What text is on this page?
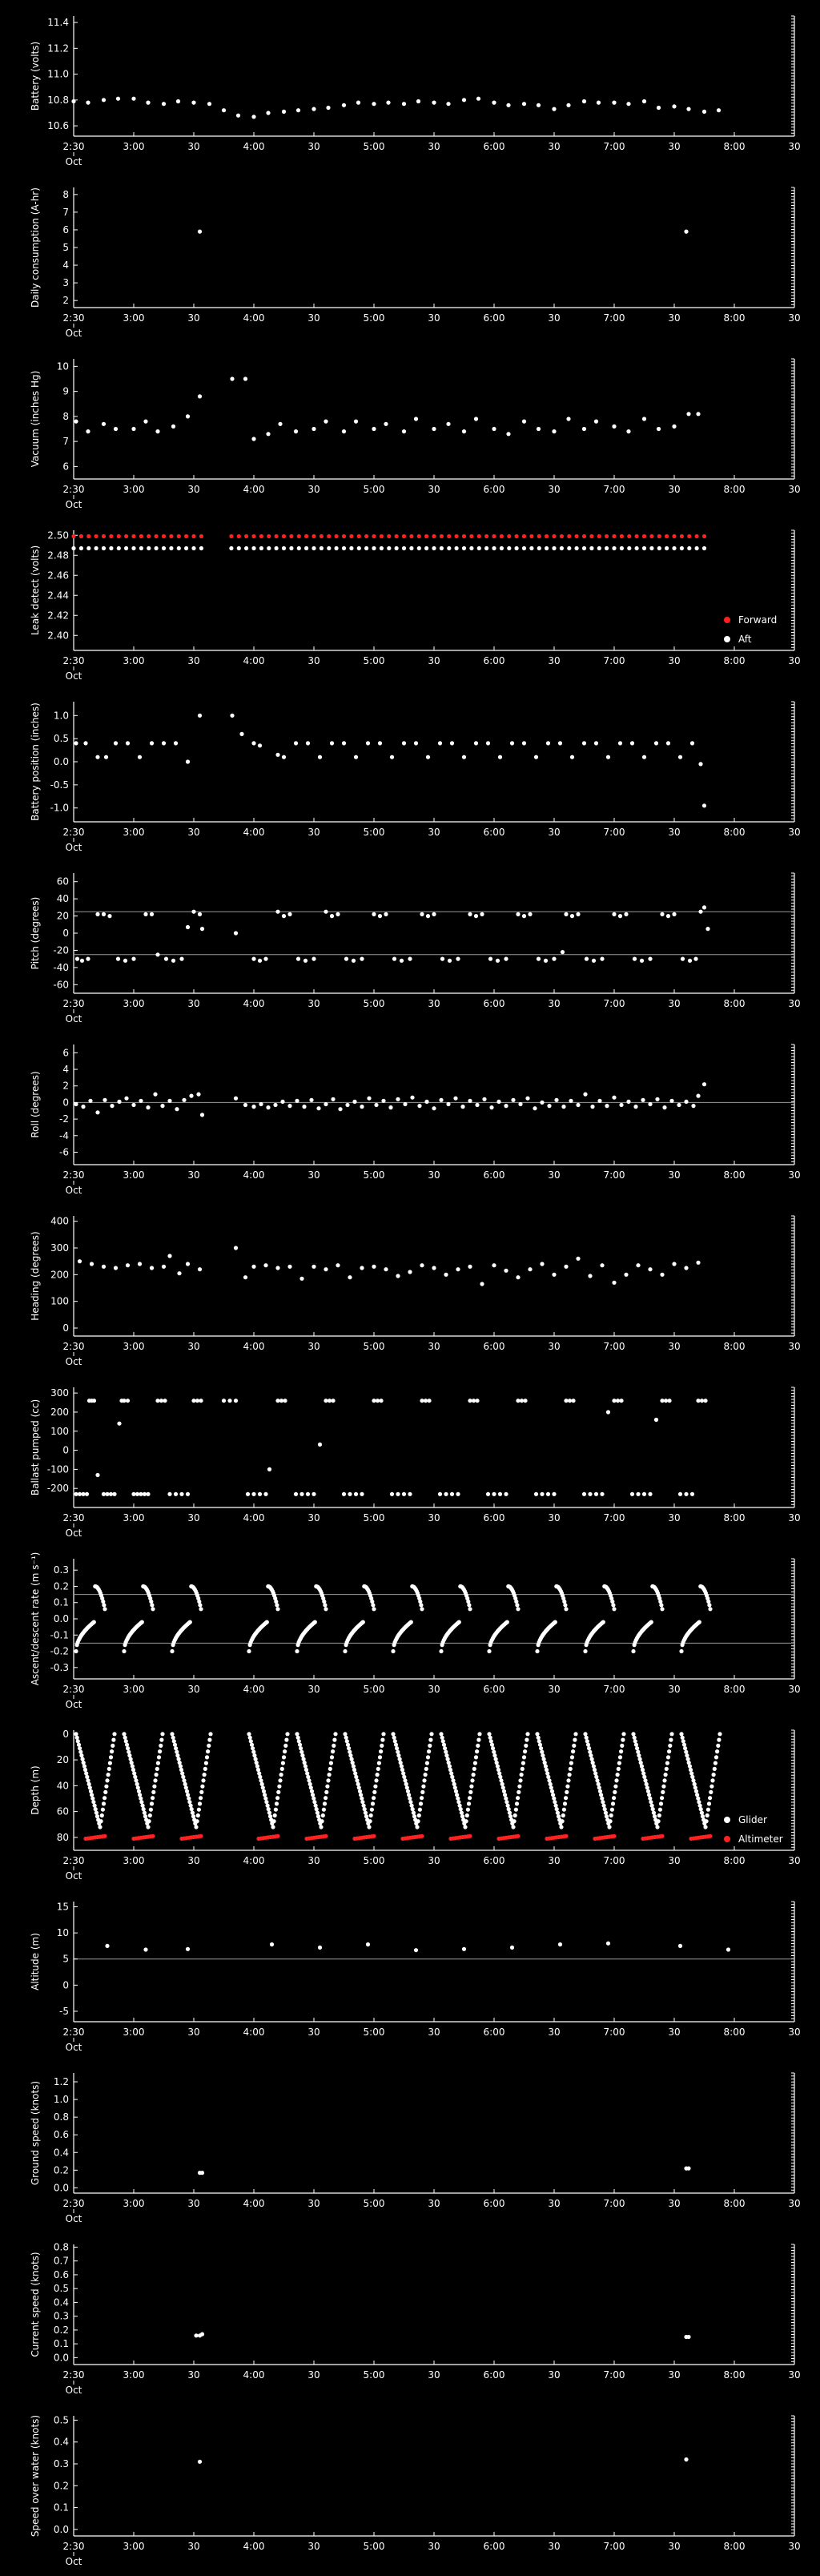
10.6
10.8
11.0
11.2
11.4
Battery (volts)
2:30	3:00	30	4:00	30	5:00	30	6:00	30	7:00	30	8:00	30
Oct
2
3
4
5
6
7
8
Daily consumption (A-hr)
2:30	3:00	30	4:00	30	5:00	30	6:00	30	7:00	30	8:00	30
Oct
6
7
8
9
10
Vacuum (inches Hg)
2:30	3:00	30	4:00	30	5:00	30	6:00	30	7:00	30	8:00	30
Oct
2.40
2.42
2.44
2.46
2.48
2.50
Leak detect (volts)
2:30	3:00	30	4:00	30	5:00	30	6:00	30	7:00	30	8:00	30
Oct
Forward
Aft
-1.0
-0.5
0.0
0.5
1.0
Battery position (inches)
2:30	3:00	30	4:00	30	5:00	30	6:00	30	7:00	30	8:00	30
Oct
-60
-40
-20
0
20
40
60
Pitch (degrees)
2:30	3:00	30	4:00	30	5:00	30	6:00	30	7:00	30	8:00	30
Oct
-6
-4
-2
0
2
4
6
Roll (degrees)
2:30	3:00	30	4:00	30	5:00	30	6:00	30	7:00	30	8:00	30
Oct
0
100
200
300
400
Heading (degrees)
2:30	3:00	30	4:00	30	5:00	30	6:00	30	7:00	30	8:00	30
Oct
-200
-100
0
100
200
300
Ballast pumped (cc)
2:30	3:00	30	4:00	30	5:00	30	6:00	30	7:00	30	8:00	30
Oct
-0.3
-0.2
-0.1
0.0
0.1
0.2
0.3
Ascent/descent rate (m s⁻¹)
2:30	3:00	30	4:00	30	5:00	30	6:00	30	7:00	30	8:00	30
Oct
0
20
40
60
80
Depth (m)
2:30	3:00	30	4:00	30	5:00	30	6:00	30	7:00	30	8:00	30
Oct
Glider
Altimeter
-5
0
5
10
15
Altitude (m)
2:30	3:00	30	4:00	30	5:00	30	6:00	30	7:00	30	8:00	30
Oct
0.0
0.2
0.4
0.6
0.8
1.0
1.2
Ground speed (knots)
2:30	3:00	30	4:00	30	5:00	30	6:00	30	7:00	30	8:00	30
Oct
0.0
0.1
0.2
0.3
0.4
0.5
0.6
0.7
0.8
Current speed (knots)
2:30	3:00	30	4:00	30	5:00	30	6:00	30	7:00	30	8:00	30
Oct
0.0
0.1
0.2
0.3
0.4
0.5
Speed over water (knots)
2:30	3:00	30	4:00	30	5:00	30	6:00	30	7:00	30	8:00	30
Oct
